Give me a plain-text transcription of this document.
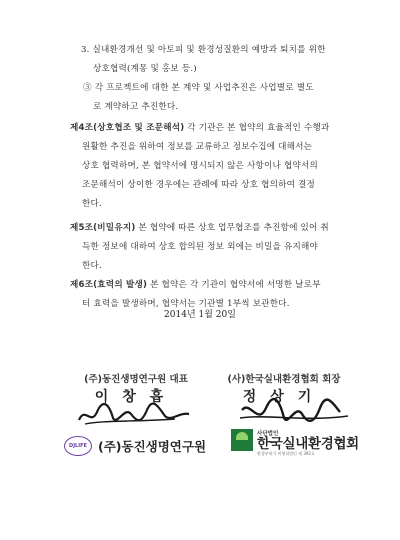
3. 실내환경개선 및 아토피 및 환경성질환의 예방과 퇴치를 위한
상호협력(계몽 및 홍보 등.)
③ 각 프로젝트에 대한 본 계약 및 사업추진은 사업별로 별도
로 계약하고 추진한다.
제4조(상호협조 및 조문해석) 각 기관은 본 협약의 효율적인 수행과
원활한 추진을 위하여 정보를 교류하고 정보수집에 대해서는
상호 협력하며, 본 협약서에 명시되지 않은 사항이나 협약서의
조문해석이 상이한 경우에는 관례에 따라 상호 협의하여 결정
한다.
제5조(비밀유지) 본 협약에 따른 상호 업무협조를 추진함에 있어 취
득한 정보에 대하여 상호 합의된 정보 외에는 비밀을 유지해야
한다.
제6조(효력의 발생) 본 협약은 각 기관이 협약서에 서명한 날로부
터 효력을 발생하며, 협약서는 기관별 1부씩 보관한다.
2014년 1월 20일
(주)동진생명연구원 대표
이창흡
(사)한국실내환경협회 회장
정상기
DJLIFE (주)동진생명연구원
사단법인
한국실내환경협회
환경부허가 비영리법인 제 392호
